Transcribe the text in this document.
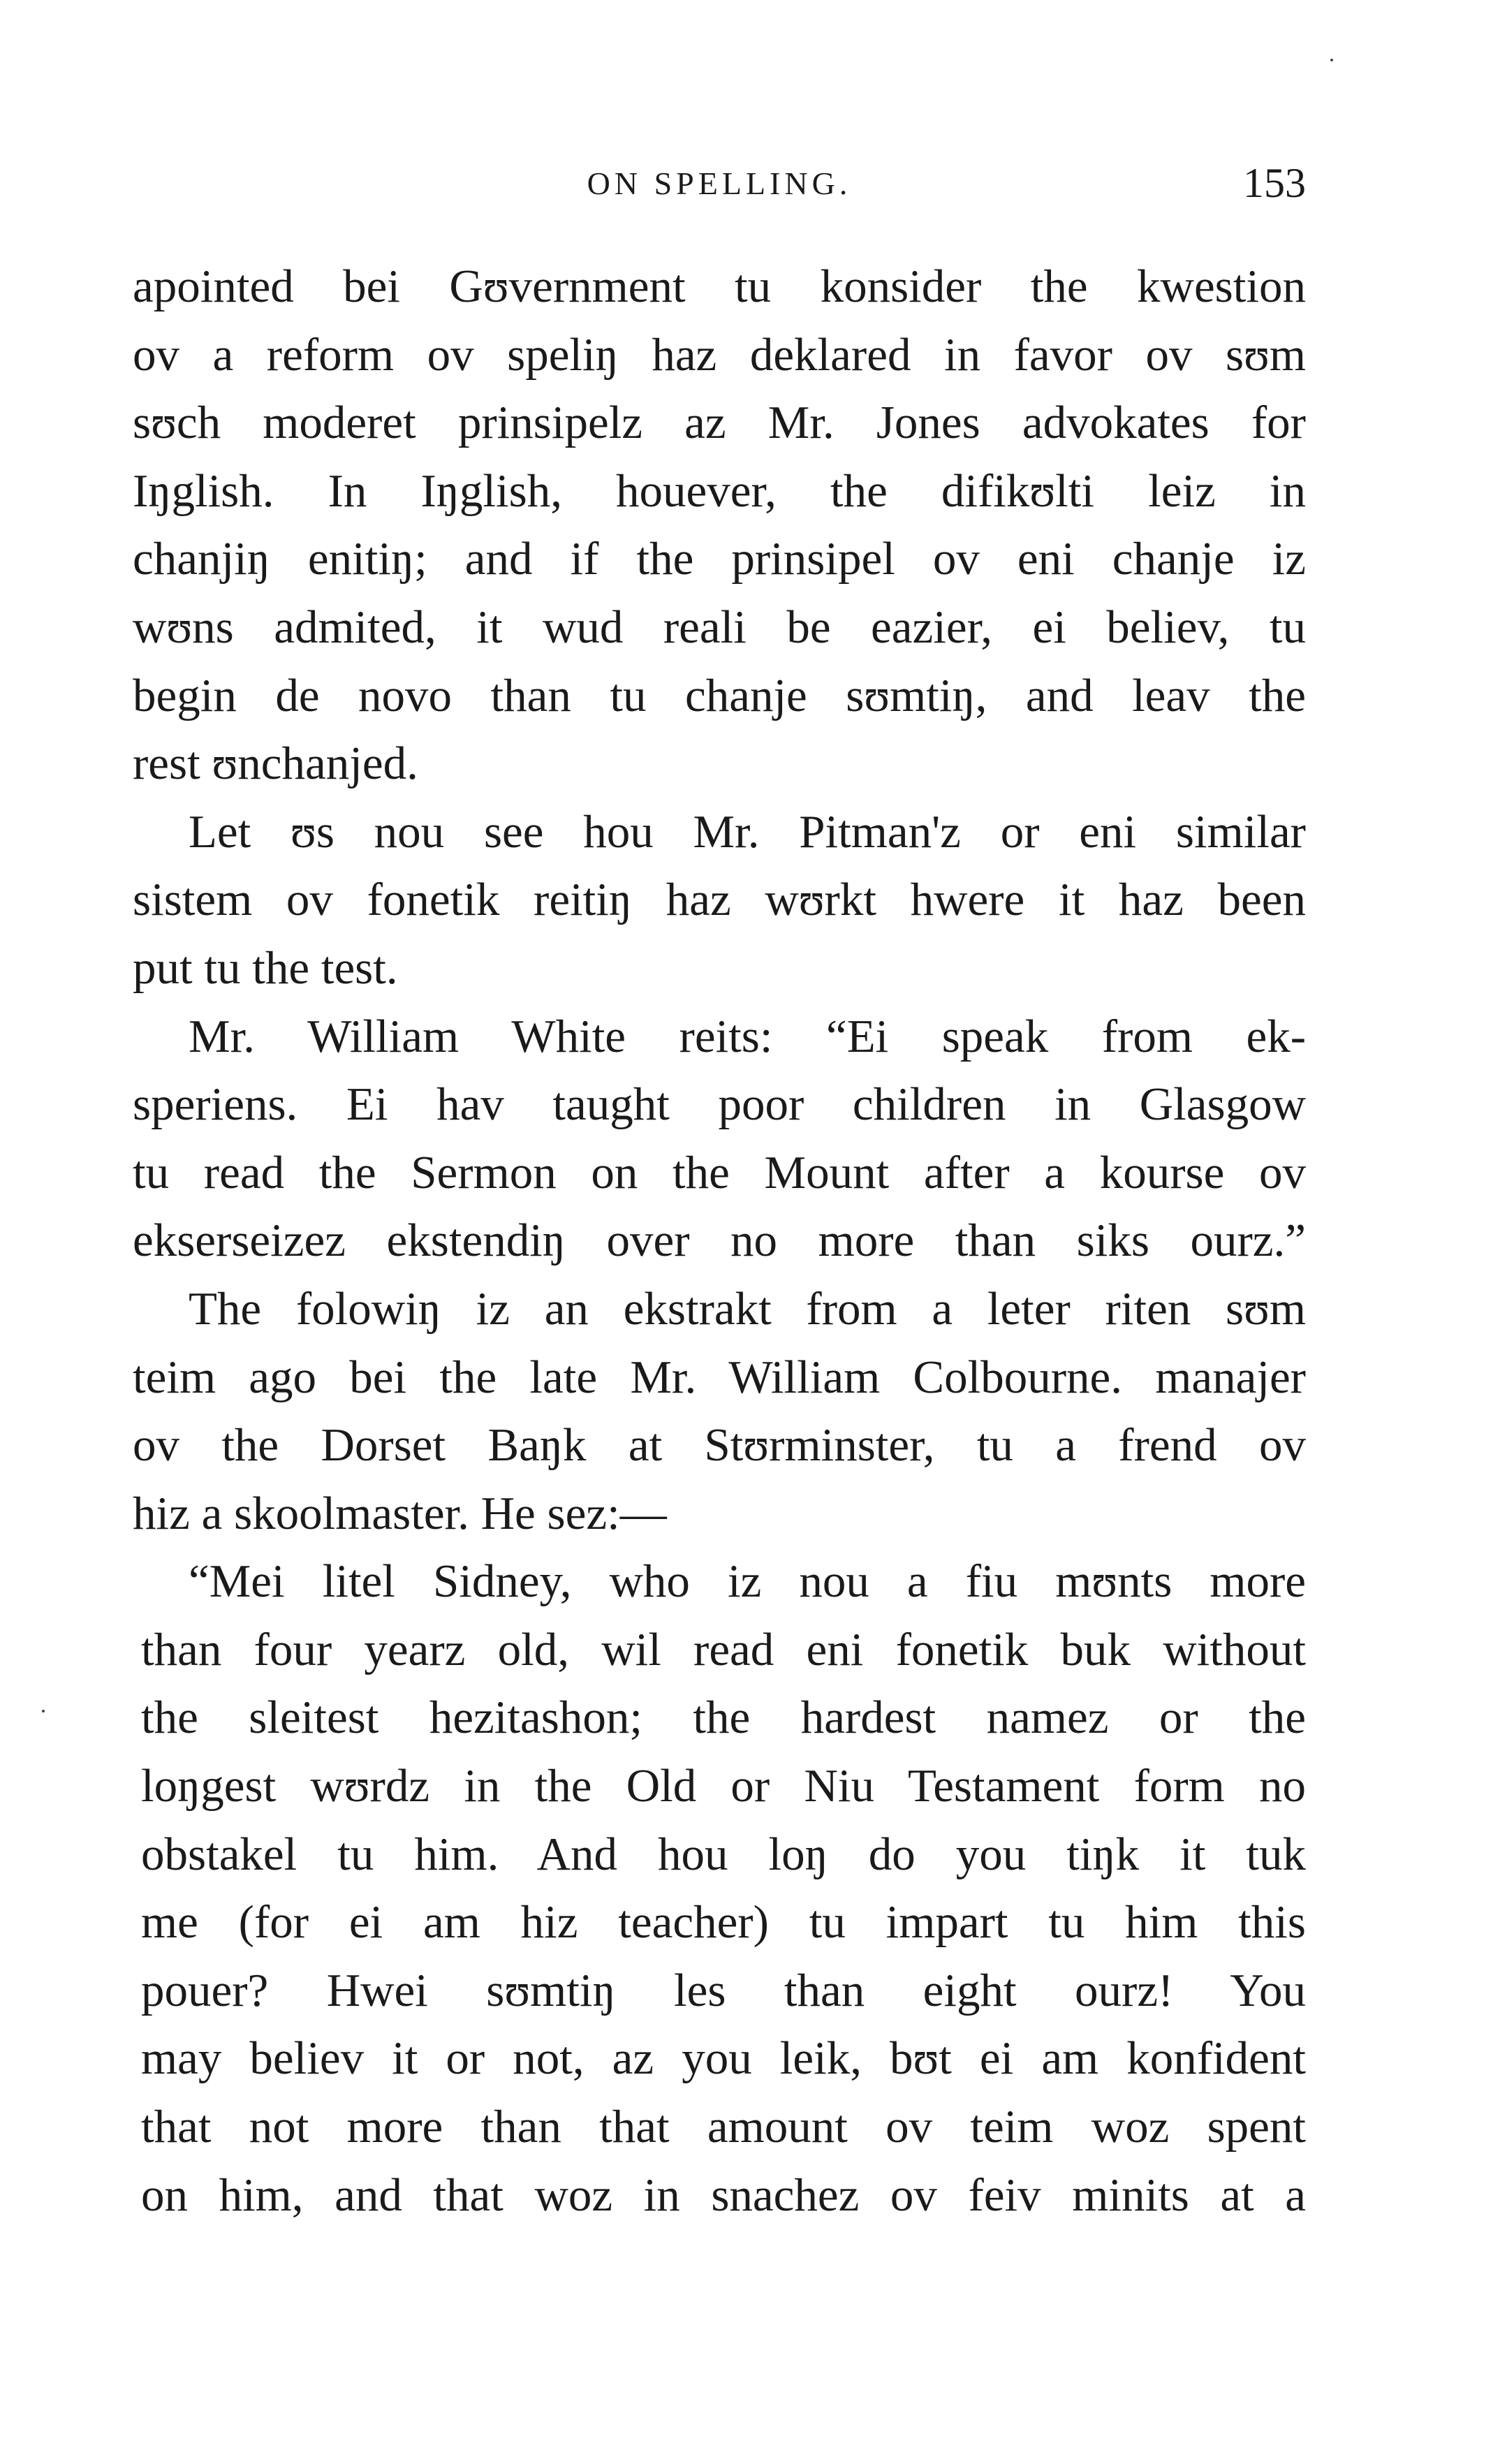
ON SPELLING.	153
apointed bei Gʊvernment tu konsider the kwestion
ov a reform ov speliŋ haz deklared in favor ov sʊm
sʊch moderet prinsipelz az Mr. Jones advokates for
Iŋglish. In Iŋglish, houever, the difikʊlti leiz in
chanjiŋ enitiŋ; and if the prinsipel ov eni chanje iz
wʊns admited, it wud reali be eazier, ei believ, tu
begin de novo than tu chanje sʊmtiŋ, and leav the
rest ʊnchanjed.
Let ʊs nou see hou Mr. Pitman'z or eni similar
sistem ov fonetik reitiŋ haz wʊrkt hwere it haz been
put tu the test.
Mr. William White reits: “Ei speak from ek-
speriens. Ei hav taught poor children in Glasgow
tu read the Sermon on the Mount after a kourse ov
ekserseizez ekstendiŋ over no more than siks ourz.”
The folowiŋ iz an ekstrakt from a leter riten sʊm
teim ago bei the late Mr. William Colbourne. manajer
ov the Dorset Baŋk at Stʊrminster, tu a frend ov
hiz a skoolmaster. He sez:—
“Mei litel Sidney, who iz nou a fiu mʊnts more
than four yearz old, wil read eni fonetik buk without
the sleitest hezitashon; the hardest namez or the
loŋgest wʊrdz in the Old or Niu Testament form no
obstakel tu him. And hou loŋ do you tiŋk it tuk
me (for ei am hiz teacher) tu impart tu him this
pouer? Hwei sʊmtiŋ les than eight ourz! You
may believ it or not, az you leik, bʊt ei am konfident
that not more than that amount ov teim woz spent
on him, and that woz in snachez ov feiv minits at a
